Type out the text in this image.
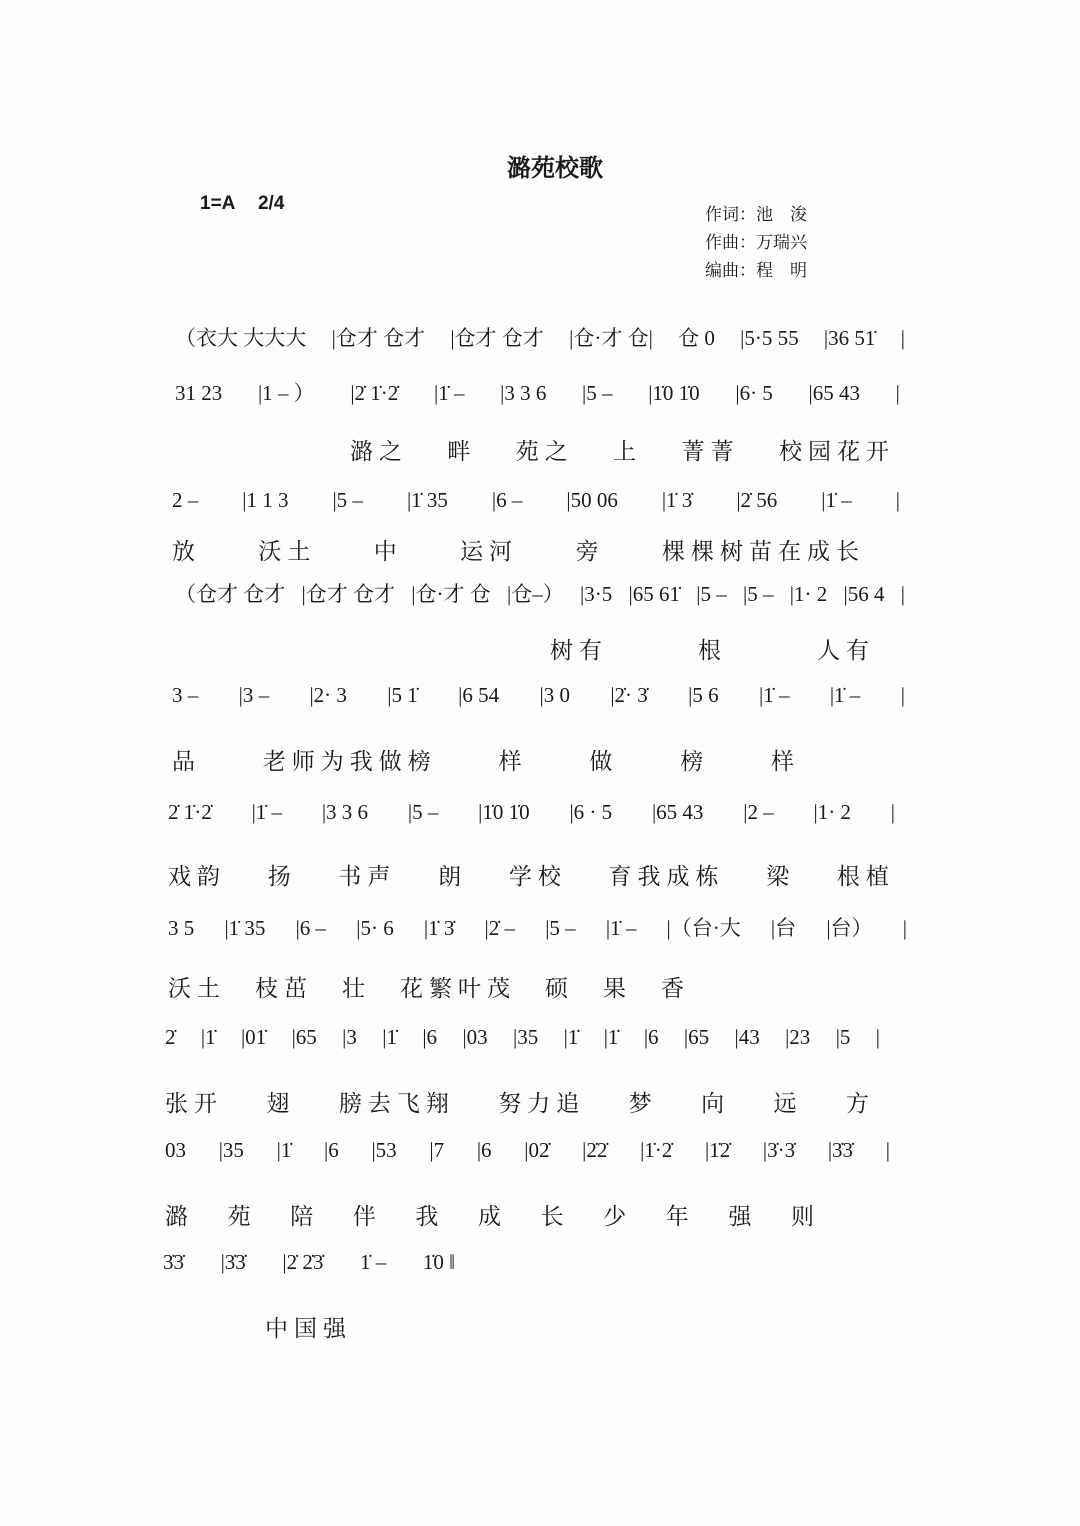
潞苑校歌
1=A 2/4
作词：池　浚
作曲：万瑞兴
编曲：程　明
（衣大 大大大 |仓才 仓才 |仓才 仓才 |仓·才 仓| 仓 0 |5·5 55 |36 51̇ |
31 23 |1 – ） |2̇ 1̇·2̇ |1̇ – |3 3 6 |5 – |1̇0 1̇0 |6· 5 |65 43 |
潞之 畔 苑之 上 菁菁 校园花开
2 – |1 1 3 |5 – |1̇ 35 |6 – |50 06 |1̇ 3̇ |2̇ 56 |1̇ – |
放 沃土 中 运河 旁 棵棵树苗在成长
（仓才 仓才 |仓才 仓才 |仓·才 仓 |仓–） |3·5 |65 61̇ |5 – |5 – |1· 2 |56 4 |
树有	根	人有
3 – |3 – |2· 3 |5 1̇ |6 54 |3 0 |2̇· 3̇ |5 6 |1̇ – |1̇ – |
品	老师为我做榜	样	做	榜	样
2̇ 1̇·2̇ |1̇ – |3 3 6 |5 – |1̇0 1̇0 |6 · 5 |65 43 |2 – |1· 2 |
戏韵 扬 书声 朗 学校 育我成栋 梁 根植
3 5 |1̇ 35 |6 – |5· 6 |1̇ 3̇ |2̇ – |5 – |1̇ – |（台·大 |台 |台） |
沃土 枝茁 壮 花繁叶茂 硕 果 香
2̇ |1̇ |01̇ |65 |3 |1̇ |6 |03 |35 |1̇ |1̇ |6 |65 |43 |23 |5 |
张开 翅 膀去飞翔 努力追 梦 向 远 方
03 |35 |1̇ |6 |53 |7 |6 |02̇ |2̇2̇ |1̇·2̇ |1̇2̇ |3̇·3̇ |3̇3̇ |
潞 苑 陪 伴 我 成 长 少 年 强 则
3̇3̇ |3̇3̇ |2̇ 2̇3̇ 1̇ – 1̇0 ‖
中国强
